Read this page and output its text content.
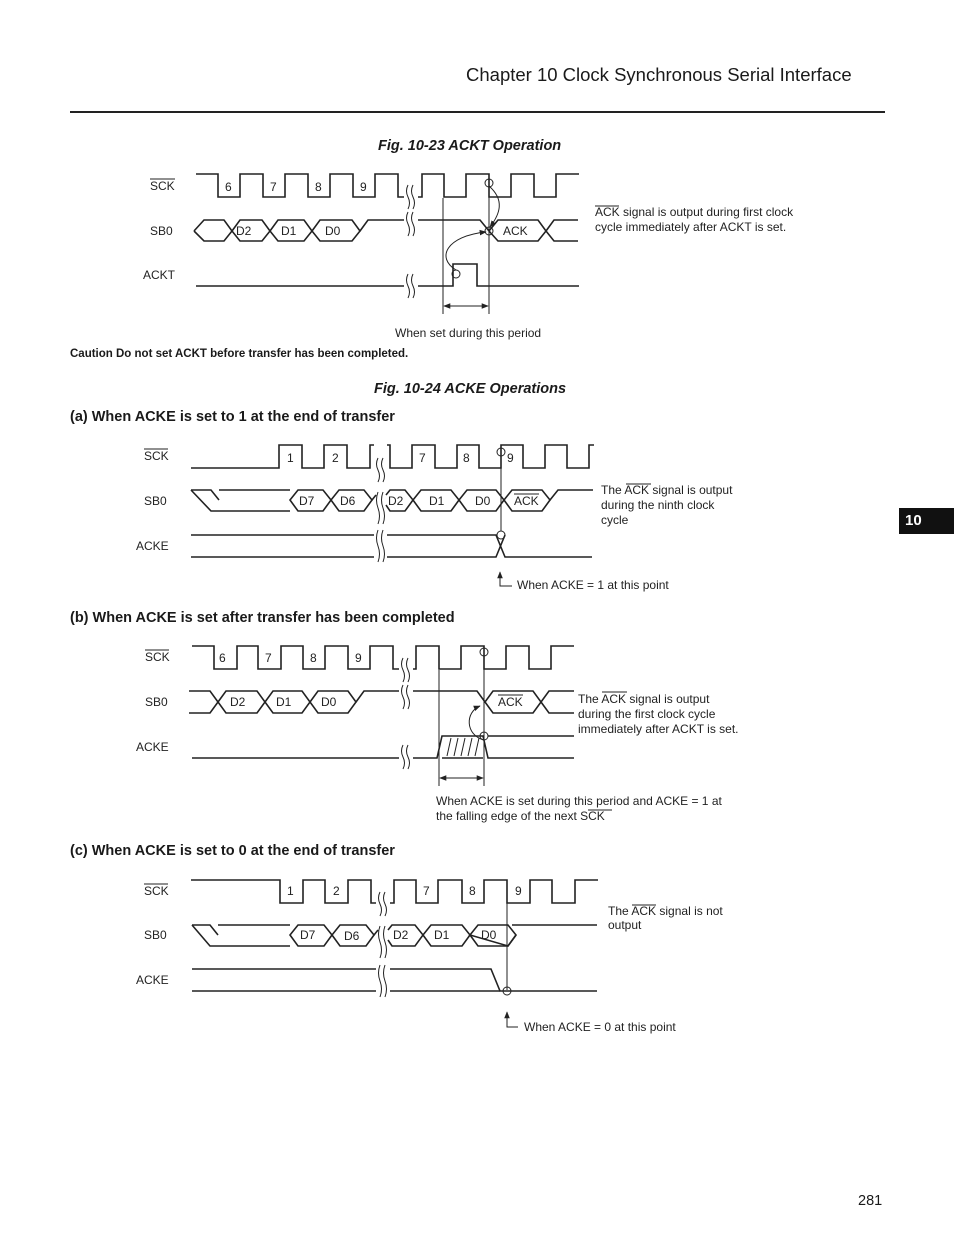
Chapter 10 Clock Synchronous Serial Interface
Fig. 10-23 ACKT Operation
Caution Do not set ACKT before transfer has been completed.
Fig. 10-24 ACKE Operations
(a) When ACKE is set to 1 at the end of transfer
(b) When ACKE is set after transfer has been completed
(c) When ACKE is set to 0 at the end of transfer
10
281
SCK
SB0
ACKT
6	7	8	9
D2 D1 D0	ACK
ACK signal is output during first clock
cycle immediately after ACKT is set.
When set during this period
SCK
SB0
ACKE
1	2	7	8	9
D7 D6	D2 D1	D0 ACK
The ACK signal is output
during the ninth clock
cycle
When ACKE = 1 at this point
SCK
SB0
ACKE
6	7	8	9
D2	D1 D0	ACK	The ACK signal is output
during the first clock cycle
immediately after ACKT is set.
When ACKE is set during this period and ACKE = 1 at
the falling edge of the next SCK
SCK
SB0
ACKE
1	2	7	8	9
D7 D6	D2 D1	D0
The ACK signal is not
output
When ACKE = 0 at this point
